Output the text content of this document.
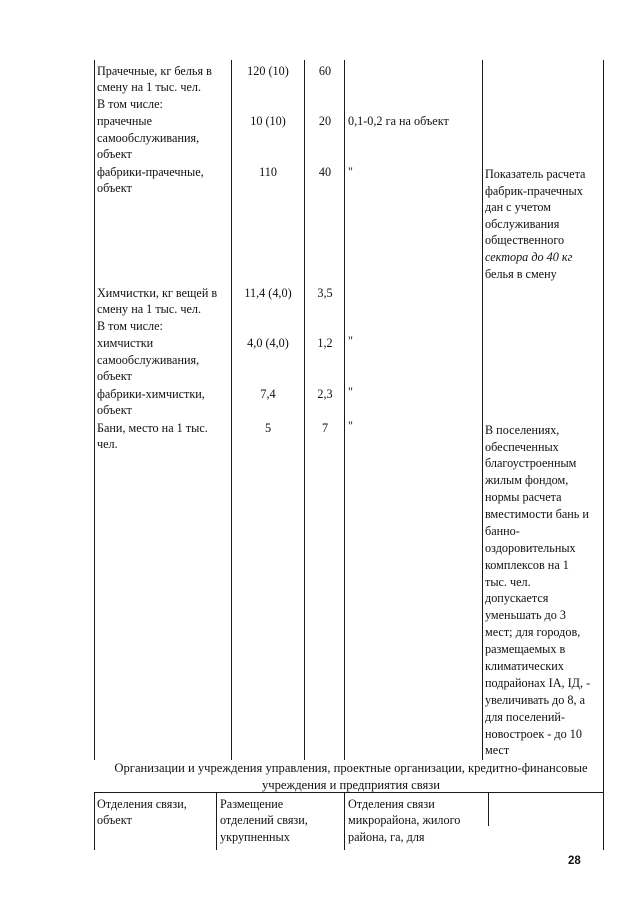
Прачечные, кг белья в
смену на 1 тыс. чел.
120 (10)	60
В том числе:
прачечные
самообслуживания,
объект
10 (10)	20	0,1-0,2 га на объект
фабрики-прачечные,
объект
110	40	"	Показатель расчета
фабрик-прачечных
дан с учетом
обслуживания
общественного
сектора до 40 кг
белья в смену
Химчистки, кг вещей в
смену на 1 тыс. чел.
11,4 (4,0)	3,5
В том числе:
химчистки
самообслуживания,
объект
4,0 (4,0)	1,2	"
фабрики-химчистки,
объект
7,4	2,3	"
Бани, место на 1 тыс.
чел.
5	7	"	В поселениях,
обеспеченных
благоустроенным
жилым фондом,
нормы расчета
вместимости бань и
банно-
оздоровительных
комплексов на 1
тыс. чел.
допускается
уменьшать до 3
мест; для городов,
размещаемых в
климатических
подрайонах IА, IД, -
увеличивать до 8, а
для поселений-
новостроек - до 10
мест
Организации и учреждения управления, проектные организации, кредитно-финансовые
учреждения и предприятия связи
Отделения связи,
объект
Размещение
отделений связи,
укрупненных
Отделения связи
микрорайона, жилого
района, га, для
28
